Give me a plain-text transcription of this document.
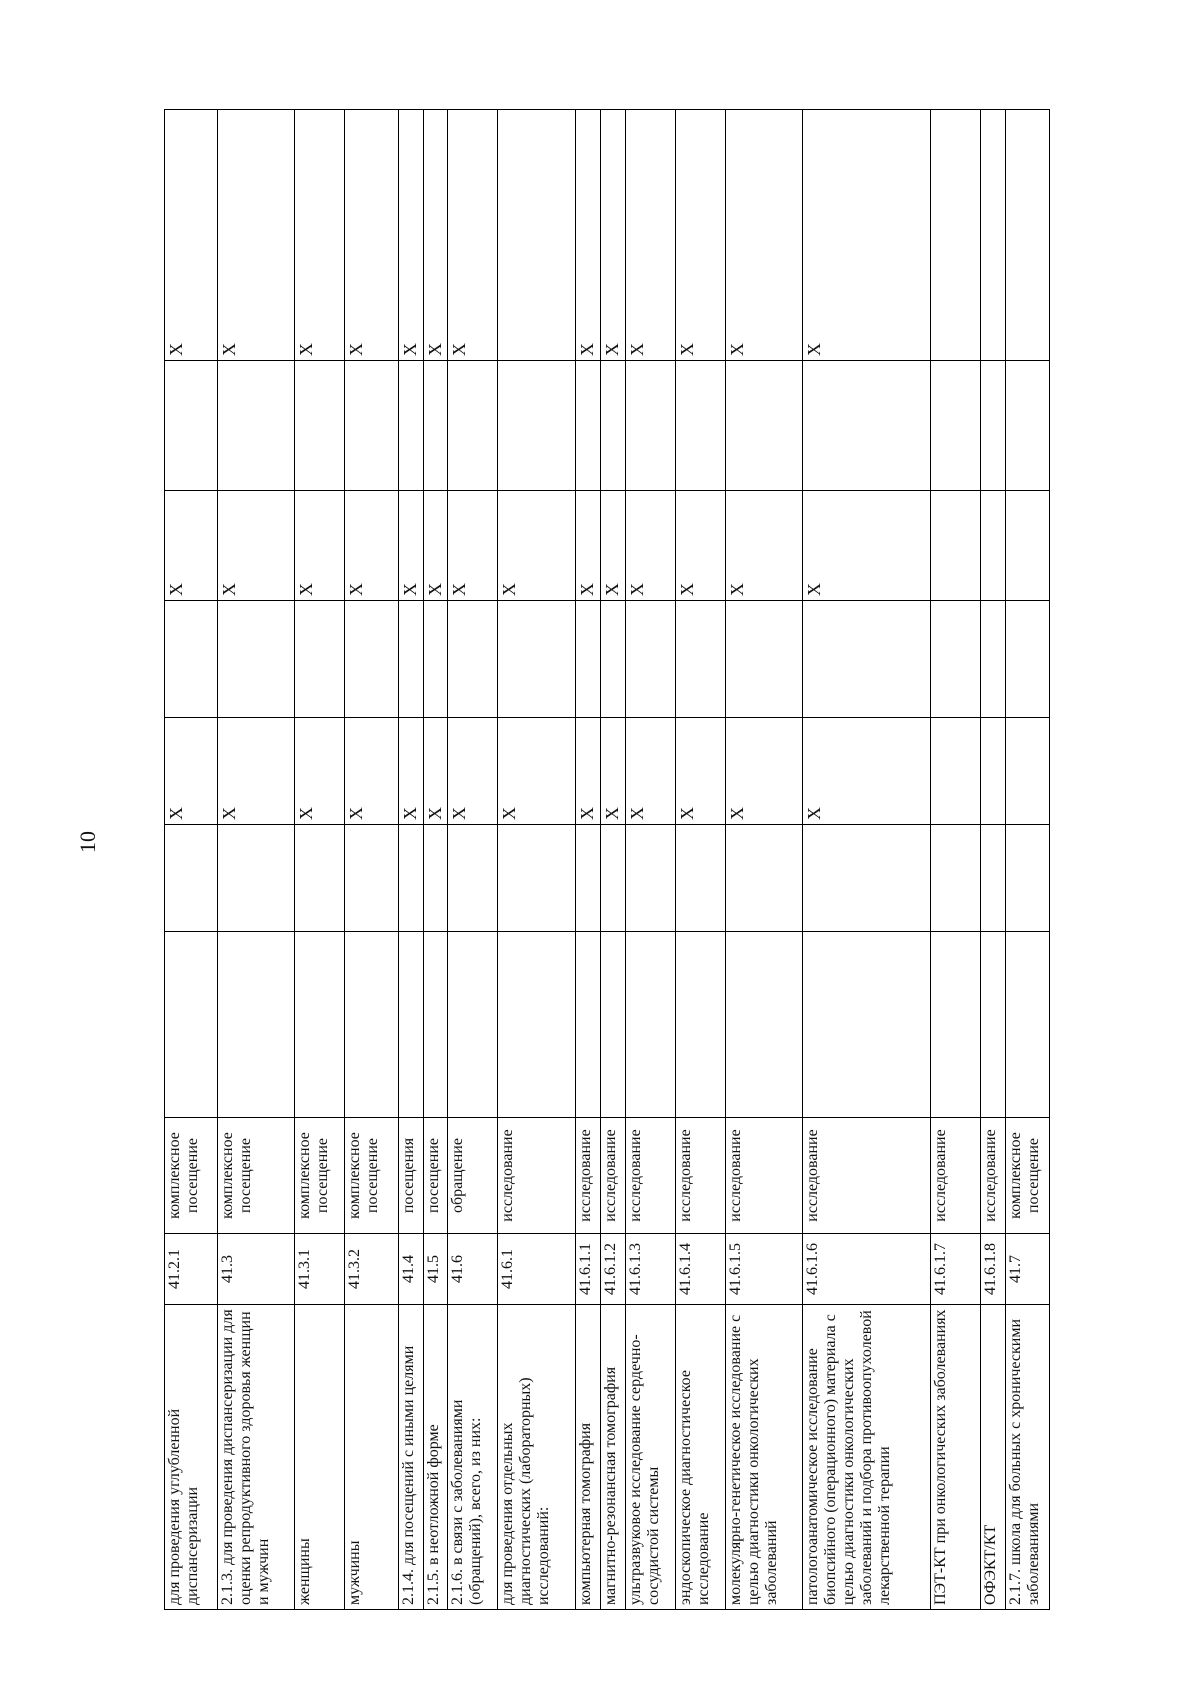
10
для проведения углубленной диспансеризации	41.2.1	комплексное посещение			Х		Х		Х
2.1.3. для проведения диспансеризации для оценки репродуктивного здоровья женщин и мужчин	41.3	комплексное посещение			Х		Х		Х
женщины	41.3.1	комплексное посещение			Х		Х		Х
мужчины	41.3.2	комплексное посещение			Х		Х		Х
2.1.4. для посещений с иными целями	41.4	посещения			Х		Х		Х
2.1.5. в неотложной форме	41.5	посещение			Х		Х		Х
2.1.6. в связи с заболеваниями (обращений), всего, из них:	41.6	обращение			Х		Х		Х
для проведения отдельных диагностических (лабораторных) исследований:	41.6.1	исследование			Х		Х		
компьютерная томография	41.6.1.1	исследование			Х		Х		Х
магнитно-резонансная томография	41.6.1.2	исследование			Х		Х		Х
ультразвуковое исследование сердечно-сосудистой системы	41.6.1.3	исследование			Х		Х		Х
эндоскопическое диагностическое исследование	41.6.1.4	исследование			Х		Х		Х
молекулярно-генетическое исследование с целью диагностики онкологических заболеваний	41.6.1.5	исследование			Х		Х		Х
патологоанатомическое исследование биопсийного (операционного) материала с целью диагностики онкологических заболеваний и подбора противоопухолевой лекарственной терапии	41.6.1.6	исследование			Х		Х		Х
ПЭТ-КТ при онкологических заболеваниях	41.6.1.7	исследование							
ОФЭКТ/КТ	41.6.1.8	исследование							
2.1.7. школа для больных с хроническими заболеваниями	41.7	комплексное посещение							
